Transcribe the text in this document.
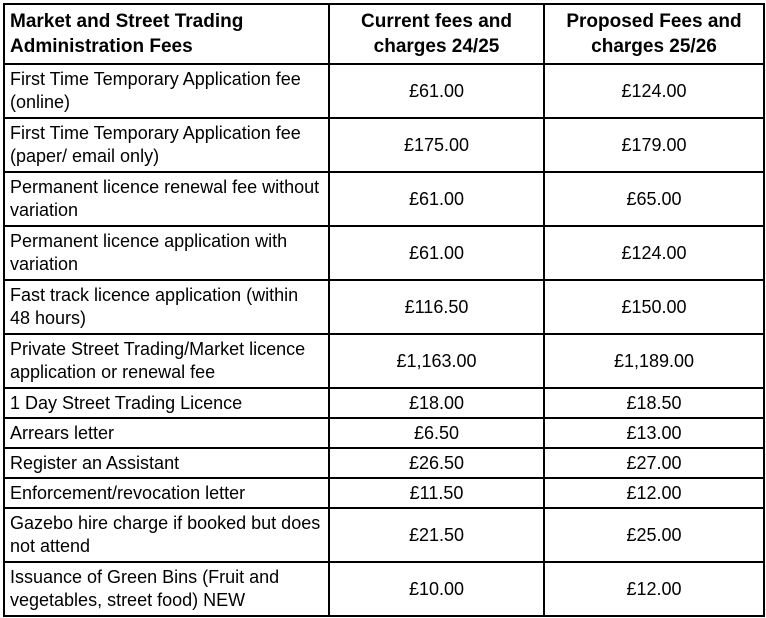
Market and Street Trading Administration Fees	Current fees and charges 24/25	Proposed Fees and charges 25/26
First Time Temporary Application fee (online)	£61.00	£124.00
First Time Temporary Application fee (paper/ email only)	£175.00	£179.00
Permanent licence renewal fee without variation	£61.00	£65.00
Permanent licence application with variation	£61.00	£124.00
Fast track licence application (within 48 hours)	£116.50	£150.00
Private Street Trading/Market licence application or renewal fee	£1,163.00	£1,189.00
1 Day Street Trading Licence	£18.00	£18.50
Arrears letter	£6.50	£13.00
Register an Assistant	£26.50	£27.00
Enforcement/revocation letter	£11.50	£12.00
Gazebo hire charge if booked but does not attend	£21.50	£25.00
Issuance of Green Bins (Fruit and vegetables, street food) NEW	£10.00	£12.00
